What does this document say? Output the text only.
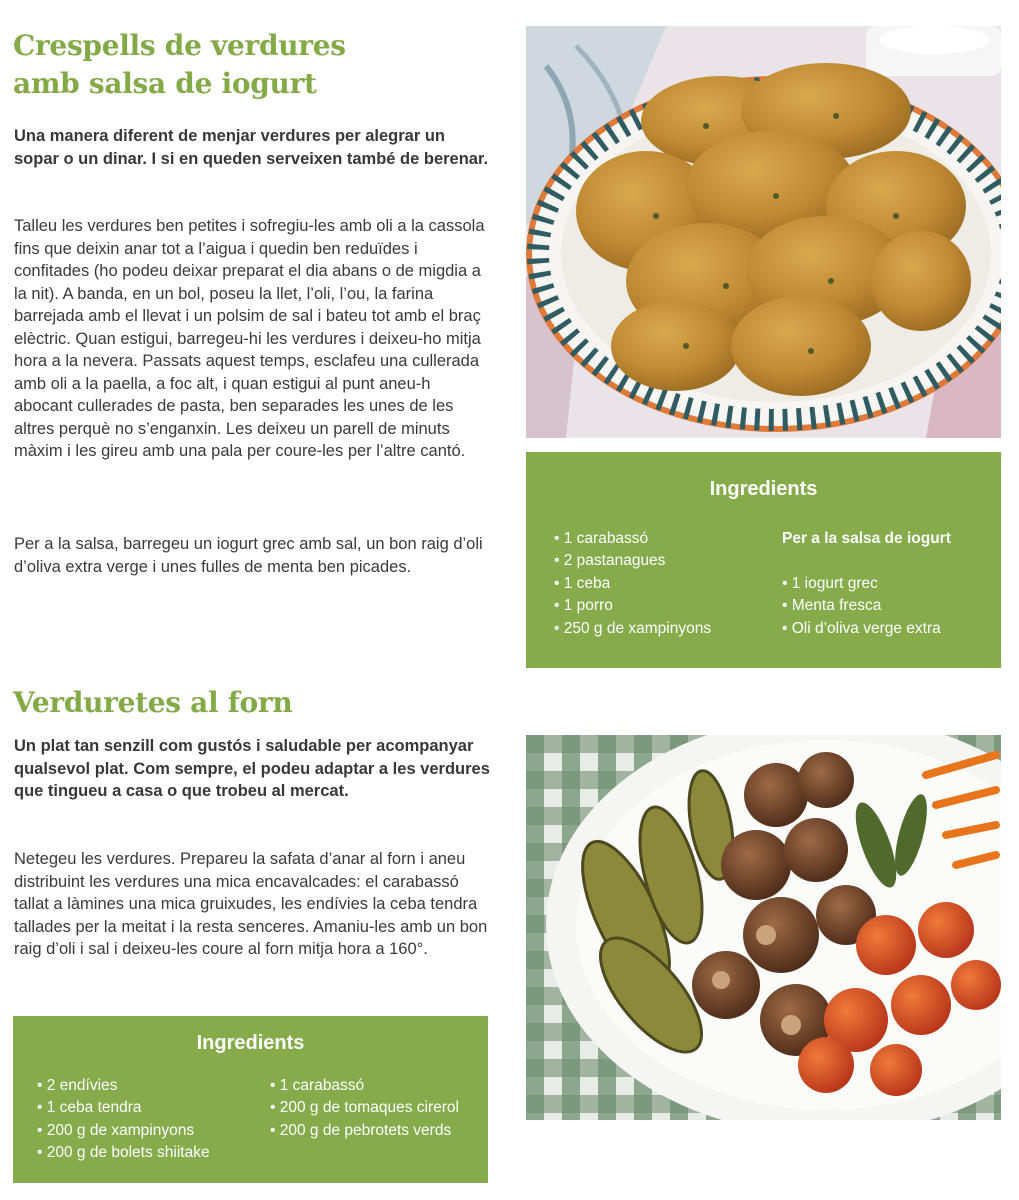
Crespells de verdures
amb salsa de iogurt

Una manera diferent de menjar verdures per alegrar un sopar o un dinar. I si en queden serveixen també de berenar.

Talleu les verdures ben petites i sofregiu-les amb oli a la cassola fins que deixin anar tot a l’aigua i quedin ben reduïdes i confitades (ho podeu deixar preparat el dia abans o de migdia a la nit). A banda, en un bol, poseu la llet, l’oli, l’ou, la farina barrejada amb el llevat i un polsim de sal i bateu tot amb el braç elèctric. Quan estigui, barregeu-hi les verdures i deixeu-ho mitja hora a la nevera. Passats aquest temps, esclafeu una cullerada amb oli a la paella, a foc alt, i quan estigui al punt aneu-h abocant cullerades de pasta, ben separades les unes de les altres perquè no s’enganxin. Les deixeu un parell de minuts màxim i les gireu amb una pala per coure-les per l’altre cantó.

Per a la salsa, barregeu un iogurt grec amb sal, un bon raig d’oli d’oliva extra verge i unes fulles de menta ben picades.

Ingredients
• 1 carabassó
• 2 pastanagues
• 1 ceba
• 1 porro
• 250 g de xampinyons
Per a la salsa de iogurt
• 1 iogurt grec
• Menta fresca
• Oli d’oliva verge extra
Verduretes al forn

Un plat tan senzill com gustós i saludable per acompanyar qualsevol plat. Com sempre, el podeu adaptar a les verdures que tingueu a casa o que trobeu al mercat.

Netegeu les verdures. Prepareu la safata d’anar al forn i aneu distribuint les verdures una mica encavalcades: el carabassó tallat a làmines una mica gruixudes, les endívies la ceba tendra tallades per la meitat i la resta senceres. Amaniu-les amb un bon raig d’oli i sal i deixeu-les coure al forn mitja hora a 160°.

Ingredients
• 2 endívies
• 1 ceba tendra
• 200 g de xampinyons
• 200 g de bolets shiitake
• 1 carabassó
• 200 g de tomaques cirerol
• 200 g de pebrotets verds
